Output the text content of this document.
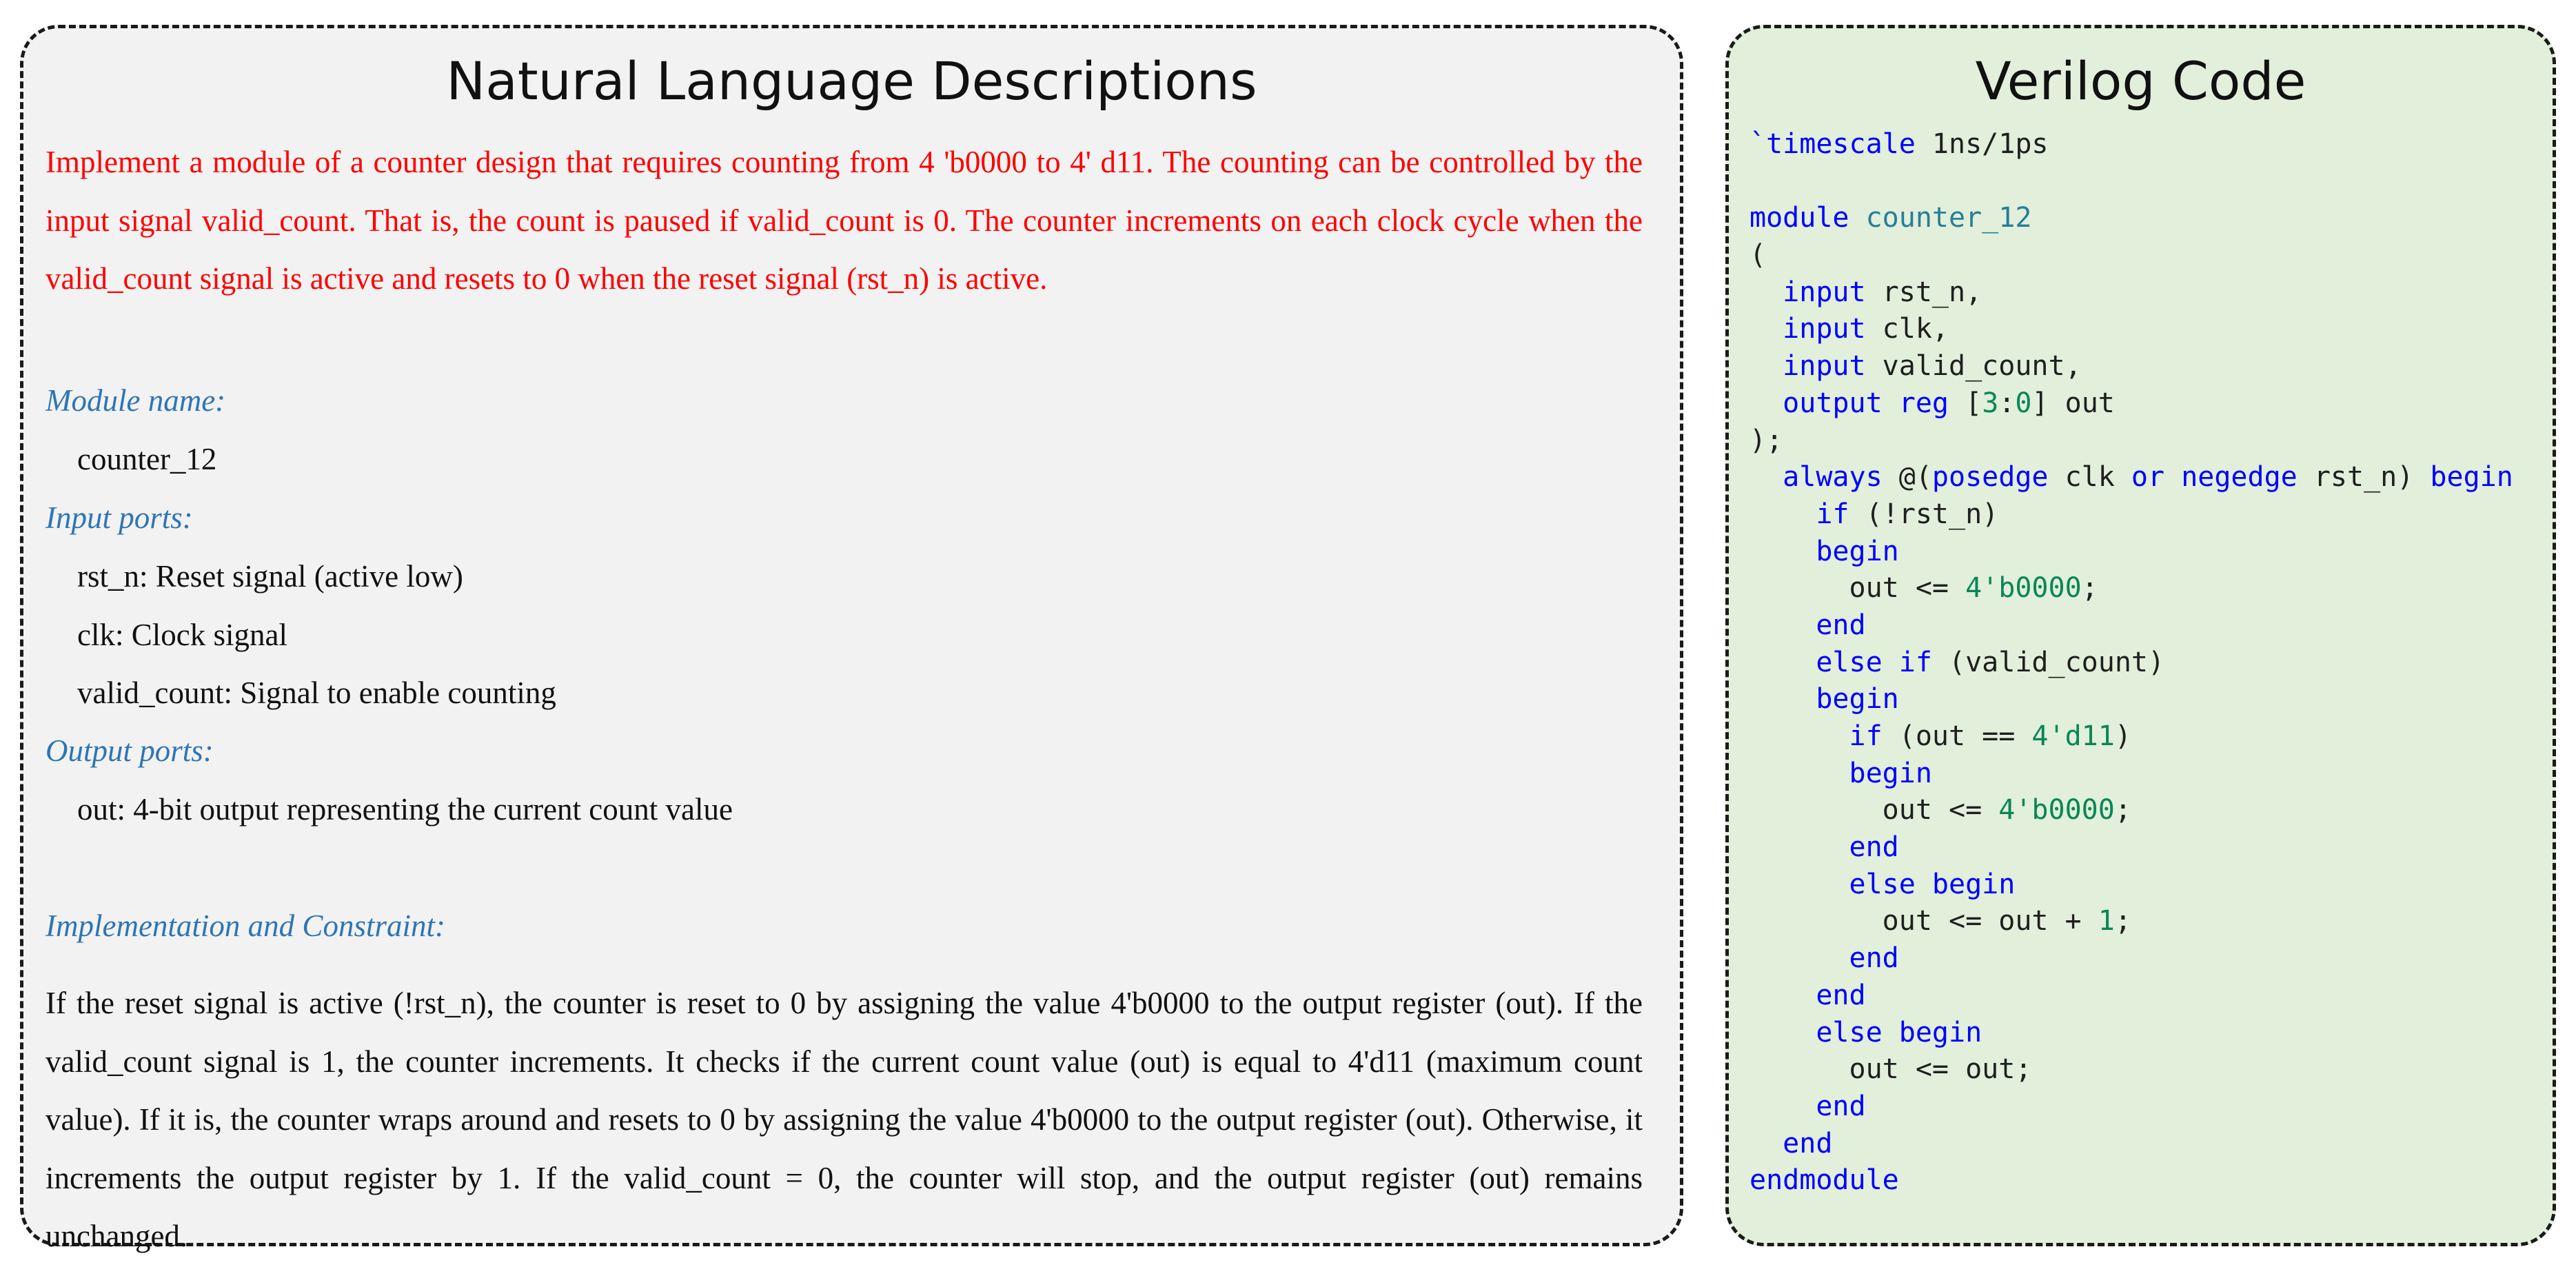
Natural Language Descriptions
Implement a module of a counter design that requires counting from 4 'b0000 to 4' d11. The counting can be controlled by the input signal valid_count. That is, the count is paused if valid_count is 0. The counter increments on each clock cycle when the valid_count signal is active and resets to 0 when the reset signal (rst_n) is active.
Module name:
counter_12
Input ports:
rst_n: Reset signal (active low)
clk: Clock signal
valid_count: Signal to enable counting
Output ports:
out: 4-bit output representing the current count value
Implementation and Constraint:
If the reset signal is active (!rst_n), the counter is reset to 0 by assigning the value 4'b0000 to the output register (out). If the valid_count signal is 1, the counter increments. It checks if the current count value (out) is equal to 4'd11 (maximum count value). If it is, the counter wraps around and resets to 0 by assigning the value 4'b0000 to the output register (out). Otherwise, it increments the output register by 1. If the valid_count = 0, the counter will stop, and the output register (out) remains unchanged.
Verilog Code
`timescale 1ns/1ps
module counter_12
(
input rst_n,
input clk,
input valid_count,
output reg [3:0] out
);
always @(posedge clk or negedge rst_n) begin
if (!rst_n)
begin
out <= 4'b0000;
end
else if (valid_count)
begin
if (out == 4'd11)
begin
out <= 4'b0000;
end
else begin
out <= out + 1;
end
end
else begin
out <= out;
end
end
endmodule
